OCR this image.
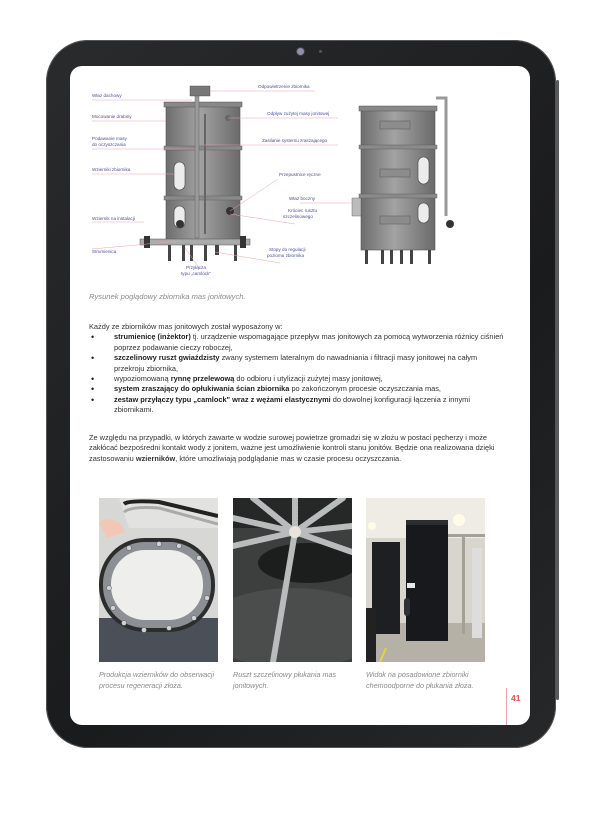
Właz dachowy
Mocowanie drabiny
Podawanie masy
do oczyszczania
Wzierniki zbiornika
Wziernik na instalacji
Strumienica
Odpowietrzenie zbiornika
Odpływ zużytej masy jonitowej
Zasilanie systemu zraszającego
Przepustnice ręczne
Właz boczny
Króciec rusztu
szczelinowego
Stopy do regulacji
poziomu zbiornika
Przyłącza
typu „camlock"
Rysunek poglądowy zbiornika mas jonitowych.

Każdy ze zbiorników mas jonitowych został wyposażony w:

• strumienicę (inżektor) tj. urządzenie wspomagające przepływ mas jonitowych za pomocą wytworzenia różnicy ciśnień poprzez podawanie cieczy roboczej,
• szczelinowy ruszt gwiaździsty zwany systemem lateralnym do nawadniania i filtracji masy jonitowej na całym przekroju zbiornika,
• wypoziomowaną rynnę przelewową do odbioru i utylizacji zużytej masy jonitowej,
• system zraszający do opłukiwania ścian zbiornika po zakończonym procesie oczyszczania mas,
• zestaw przyłączy typu „camlock" wraz z wężami elastycznymi do dowolnej konfiguracji łączenia z innymi zbiornikami.
Ze względu na przypadki, w których zawarte w wodzie surowej powietrze gromadzi się w złożu w postaci pęcherzy i może zakłócać bezpośredni kontakt wody z jonitem, ważne jest umożliwienie kontroli stanu jonitów. Będzie ona realizowana dzięki zastosowaniu wzierników, które umożliwiają podglądanie mas w czasie procesu oczyszczania.
Produkcja wzierników do obserwacji procesu regeneracji złoża.
Ruszt szczelinowy płukania mas jonitowych.
Widok na posadowione zbiorniki chemoodporne do płukania złoża.
41
